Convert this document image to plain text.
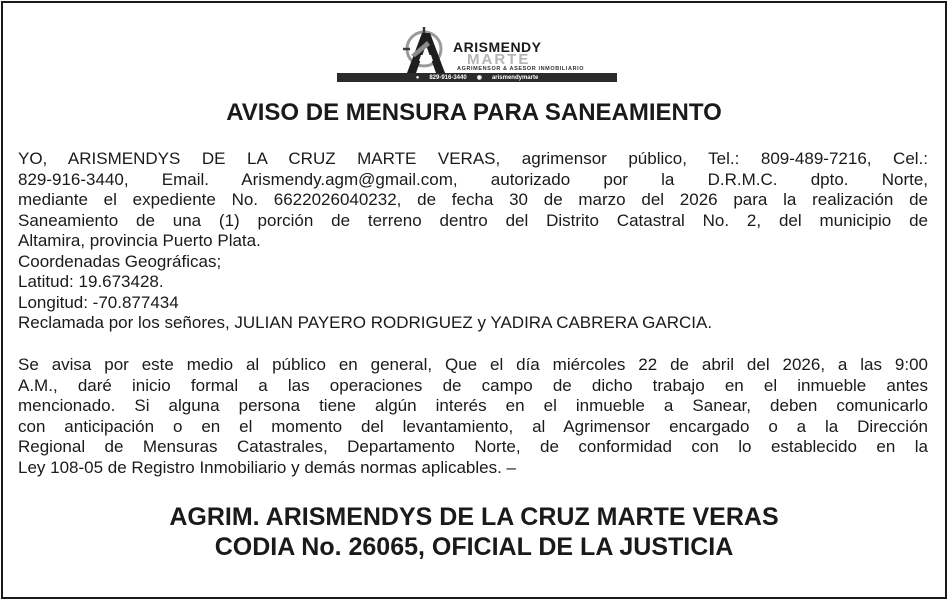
ARISMENDY
MARTE
AGRIMENSOR & ASESOR INMOBILIARIO
● 829-916-3440 ◉ arismendymarte
AVISO DE MENSURA PARA SANEAMIENTO
YO, ARISMENDYS DE LA CRUZ MARTE VERAS, agrimensor público, Tel.: 809-489-7216, Cel.:
829-916-3440, Email. Arismendy.agm@gmail.com, autorizado por la D.R.M.C. dpto. Norte,
mediante el expediente No. 6622026040232, de fecha 30 de marzo del 2026 para la realización de
Saneamiento de una (1) porción de terreno dentro del Distrito Catastral No. 2, del municipio de
Altamira, provincia Puerto Plata.
Coordenadas Geográficas;
Latitud: 19.673428.
Longitud: -70.877434
Reclamada por los señores, JULIAN PAYERO RODRIGUEZ y YADIRA CABRERA GARCIA.
Se avisa por este medio al público en general, Que el día miércoles 22 de abril del 2026, a las 9:00
A.M., daré inicio formal a las operaciones de campo de dicho trabajo en el inmueble antes
mencionado. Si alguna persona tiene algún interés en el inmueble a Sanear, deben comunicarlo
con anticipación o en el momento del levantamiento, al Agrimensor encargado o a la Dirección
Regional de Mensuras Catastrales, Departamento Norte, de conformidad con lo establecido en la
Ley 108-05 de Registro Inmobiliario y demás normas aplicables. –

AGRIM. ARISMENDYS DE LA CRUZ MARTE VERAS

CODIA No. 26065, OFICIAL DE LA JUSTICIA
